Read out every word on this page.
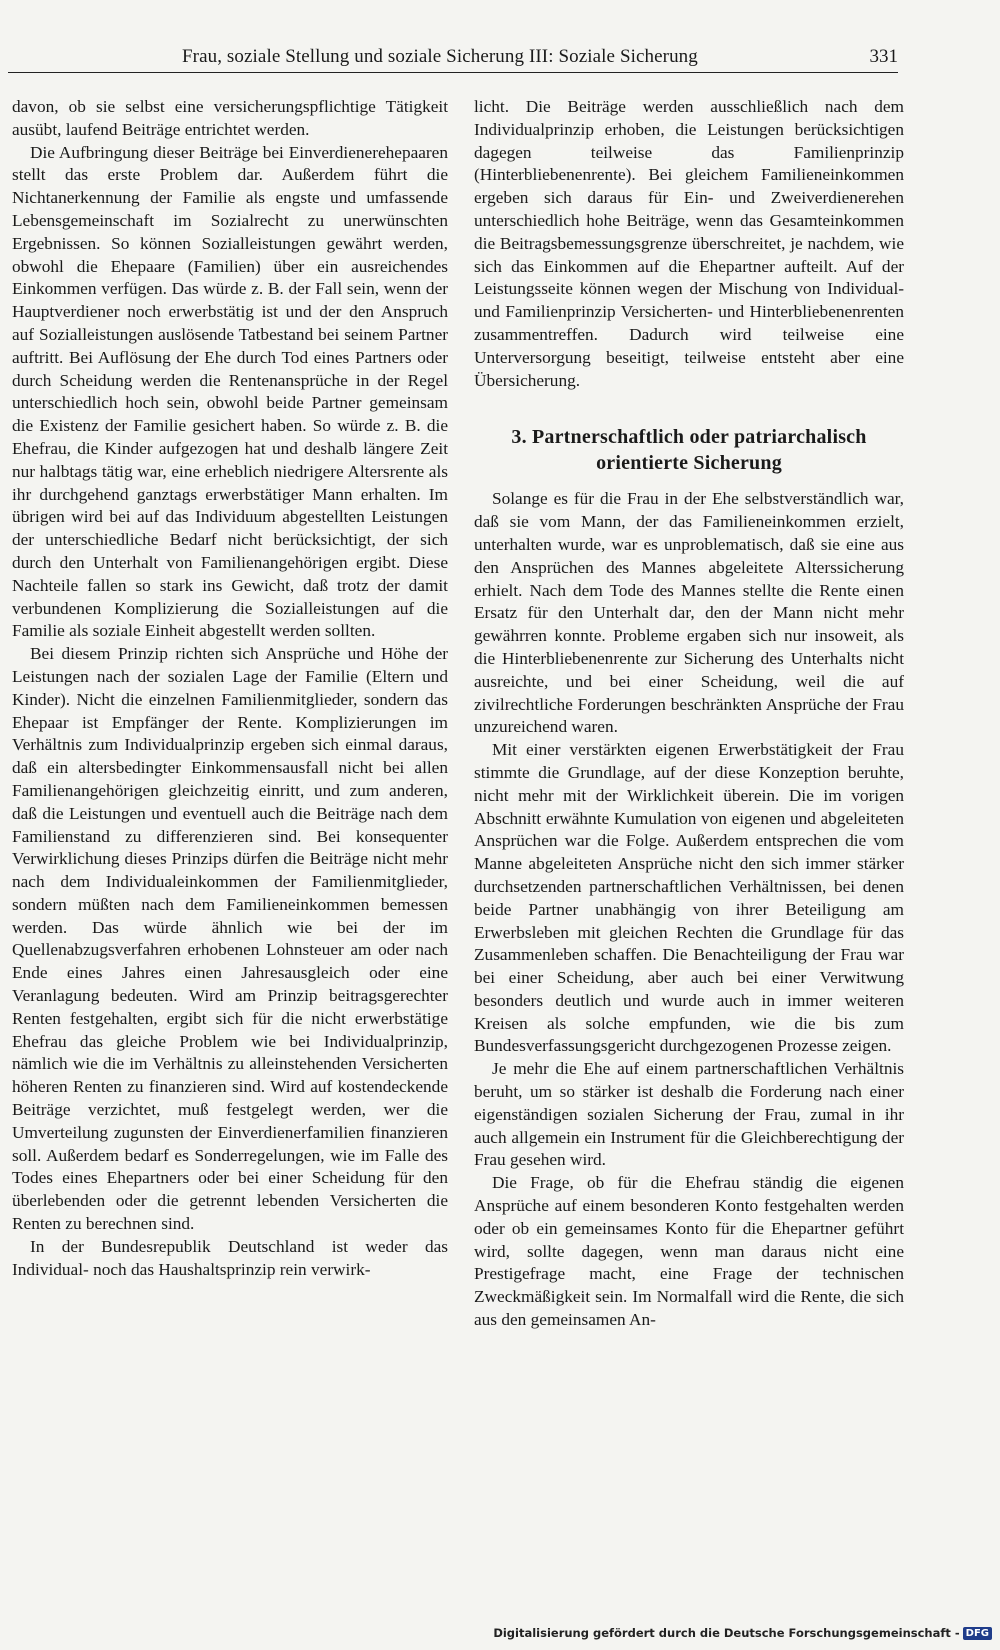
Frau, soziale Stellung und soziale Sicherung III: Soziale Sicherung	331

davon, ob sie selbst eine versicherungspflichtige Tätigkeit ausübt, laufend Beiträge entrichtet werden.

Die Aufbringung dieser Beiträge bei Einverdienerehepaaren stellt das erste Problem dar. Außerdem führt die Nichtanerkennung der Familie als engste und umfassende Lebensgemeinschaft im Sozialrecht zu unerwünschten Ergebnissen. So können Sozialleistungen gewährt werden, obwohl die Ehepaare (Familien) über ein ausreichendes Einkommen verfügen. Das würde z. B. der Fall sein, wenn der Hauptverdiener noch erwerbstätig ist und der den Anspruch auf Sozialleistungen auslösende Tatbestand bei seinem Partner auftritt. Bei Auflösung der Ehe durch Tod eines Partners oder durch Scheidung werden die Rentenansprüche in der Regel unterschiedlich hoch sein, obwohl beide Partner gemeinsam die Existenz der Familie gesichert haben. So würde z. B. die Ehefrau, die Kinder aufgezogen hat und deshalb längere Zeit nur halbtags tätig war, eine erheblich niedrigere Altersrente als ihr durchgehend ganztags erwerbstätiger Mann erhalten. Im übrigen wird bei auf das Individuum abgestellten Leistungen der unterschiedliche Bedarf nicht berücksichtigt, der sich durch den Unterhalt von Familienangehörigen ergibt. Diese Nachteile fallen so stark ins Gewicht, daß trotz der damit verbundenen Komplizierung die Sozialleistungen auf die Familie als soziale Einheit abgestellt werden sollten.

Bei diesem Prinzip richten sich Ansprüche und Höhe der Leistungen nach der sozialen Lage der Familie (Eltern und Kinder). Nicht die einzelnen Familienmitglieder, sondern das Ehepaar ist Empfänger der Rente. Komplizierungen im Verhältnis zum Individualprinzip ergeben sich einmal daraus, daß ein altersbedingter Einkommensausfall nicht bei allen Familienangehörigen gleichzeitig einritt, und zum anderen, daß die Leistungen und eventuell auch die Beiträge nach dem Familienstand zu differenzieren sind. Bei konsequenter Verwirklichung dieses Prinzips dürfen die Beiträge nicht mehr nach dem Individualeinkommen der Familienmitglieder, sondern müßten nach dem Familieneinkommen bemessen werden. Das würde ähnlich wie bei der im Quellenabzugsverfahren erhobenen Lohnsteuer am oder nach Ende eines Jahres einen Jahresausgleich oder eine Veranlagung bedeuten. Wird am Prinzip beitragsgerechter Renten festgehalten, ergibt sich für die nicht erwerbstätige Ehefrau das gleiche Problem wie bei Individualprinzip, nämlich wie die im Verhältnis zu alleinstehenden Versicherten höheren Renten zu finanzieren sind. Wird auf kostendeckende Beiträge verzichtet, muß festgelegt werden, wer die Umverteilung zugunsten der Einverdienerfamilien finanzieren soll. Außerdem bedarf es Sonderregelungen, wie im Falle des Todes eines Ehepartners oder bei einer Scheidung für den überlebenden oder die getrennt lebenden Versicherten die Renten zu berechnen sind.

In der Bundesrepublik Deutschland ist weder das Individual- noch das Haushaltsprinzip rein verwirk-

licht. Die Beiträge werden ausschließlich nach dem Individualprinzip erhoben, die Leistungen berücksichtigen dagegen teilweise das Familienprinzip (Hinterbliebenenrente). Bei gleichem Familieneinkommen ergeben sich daraus für Ein- und Zweiverdienerehen unterschiedlich hohe Beiträge, wenn das Gesamteinkommen die Beitragsbemessungsgrenze überschreitet, je nachdem, wie sich das Einkommen auf die Ehepartner aufteilt. Auf der Leistungsseite können wegen der Mischung von Individual- und Familienprinzip Versicherten- und Hinterbliebenenrenten zusammentreffen. Dadurch wird teilweise eine Unterversorgung beseitigt, teilweise entsteht aber eine Übersicherung.

3. Partnerschaftlich oder patriarchalisch orientierte Sicherung

Solange es für die Frau in der Ehe selbstverständlich war, daß sie vom Mann, der das Familieneinkommen erzielt, unterhalten wurde, war es unproblematisch, daß sie eine aus den Ansprüchen des Mannes abgeleitete Alterssicherung erhielt. Nach dem Tode des Mannes stellte die Rente einen Ersatz für den Unterhalt dar, den der Mann nicht mehr gewährren konnte. Probleme ergaben sich nur insoweit, als die Hinterbliebenenrente zur Sicherung des Unterhalts nicht ausreichte, und bei einer Scheidung, weil die auf zivilrechtliche Forderungen beschränkten Ansprüche der Frau unzureichend waren.

Mit einer verstärkten eigenen Erwerbstätigkeit der Frau stimmte die Grundlage, auf der diese Konzeption beruhte, nicht mehr mit der Wirklichkeit überein. Die im vorigen Abschnitt erwähnte Kumulation von eigenen und abgeleiteten Ansprüchen war die Folge. Außerdem entsprechen die vom Manne abgeleiteten Ansprüche nicht den sich immer stärker durchsetzenden partnerschaftlichen Verhältnissen, bei denen beide Partner unabhängig von ihrer Beteiligung am Erwerbsleben mit gleichen Rechten die Grundlage für das Zusammenleben schaffen. Die Benachteiligung der Frau war bei einer Scheidung, aber auch bei einer Verwitwung besonders deutlich und wurde auch in immer weiteren Kreisen als solche empfunden, wie die bis zum Bundesverfassungsgericht durchgezogenen Prozesse zeigen.

Je mehr die Ehe auf einem partnerschaftlichen Verhältnis beruht, um so stärker ist deshalb die Forderung nach einer eigenständigen sozialen Sicherung der Frau, zumal in ihr auch allgemein ein Instrument für die Gleichberechtigung der Frau gesehen wird.

Die Frage, ob für die Ehefrau ständig die eigenen Ansprüche auf einem besonderen Konto festgehalten werden oder ob ein gemeinsames Konto für die Ehepartner geführt wird, sollte dagegen, wenn man daraus nicht eine Prestigefrage macht, eine Frage der technischen Zweckmäßigkeit sein. Im Normalfall wird die Rente, die sich aus den gemeinsamen An-

Digitalisierung gefördert durch die Deutsche Forschungsgemeinschaft - DFG
